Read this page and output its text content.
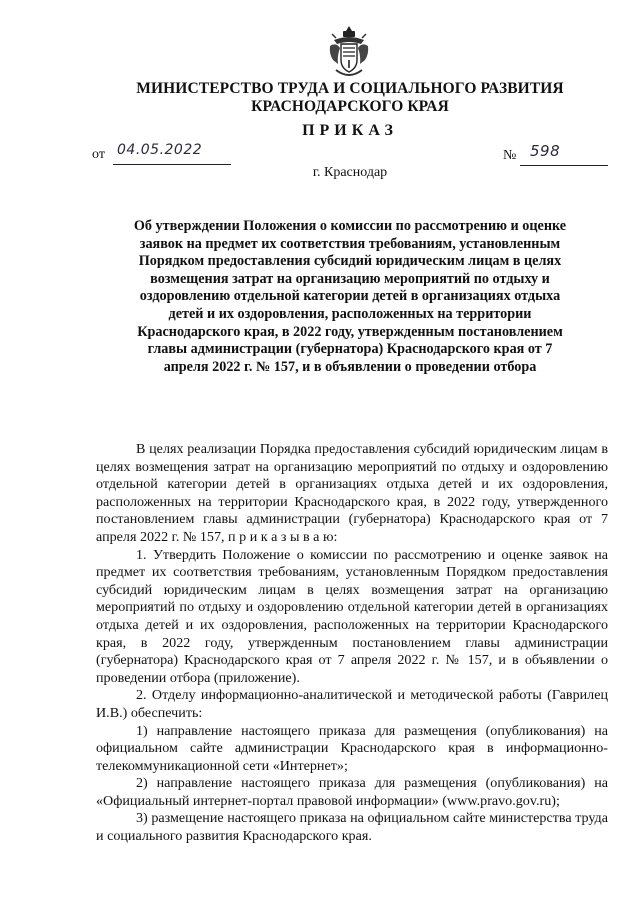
МИНИСТЕРСТВО ТРУДА И СОЦИАЛЬНОГО РАЗВИТИЯ КРАСНОДАРСКОГО КРАЯ
ПРИКАЗ
от 04.05.2022	№ 598
г. Краснодар
Об утверждении Положения о комиссии по рассмотрению и оценке заявок на предмет их соответствия требованиям, установленным Порядком предоставления субсидий юридическим лицам в целях возмещения затрат на организацию мероприятий по отдыху и оздоровлению отдельной категории детей в организациях отдыха детей и их оздоровления, расположенных на территории Краснодарского края, в 2022 году, утвержденным постановлением главы администрации (губернатора) Краснодарского края от 7 апреля 2022 г. № 157, и в объявлении о проведении отбора

В целях реализации Порядка предоставления субсидий юридическим лицам в целях возмещения затрат на организацию мероприятий по отдыху и оздоровлению отдельной категории детей в организациях отдыха детей и их оздоровления, расположенных на территории Краснодарского края, в 2022 году, утвержденного постановлением главы администрации (губернатора) Краснодарского края от 7 апреля 2022 г. № 157, п р и к а з ы в а ю:

1. Утвердить Положение о комиссии по рассмотрению и оценке заявок на предмет их соответствия требованиям, установленным Порядком предоставления субсидий юридическим лицам в целях возмещения затрат на организацию мероприятий по отдыху и оздоровлению отдельной категории детей в организациях отдыха детей и их оздоровления, расположенных на территории Краснодарского края, в 2022 году, утвержденным постановлением главы администрации (губернатора) Краснодарского края от 7 апреля 2022 г. № 157, и в объявлении о проведении отбора (приложение).

2. Отделу информационно-аналитической и методической работы (Гаврилец И.В.) обеспечить:

1) направление настоящего приказа для размещения (опубликования) на официальном сайте администрации Краснодарского края в информационно-телекоммуникационной сети «Интернет»;

2) направление настоящего приказа для размещения (опубликования) на «Официальный интернет-портал правовой информации» (www.pravo.gov.ru);

3) размещение настоящего приказа на официальном сайте министерства труда и социального развития Краснодарского края.
